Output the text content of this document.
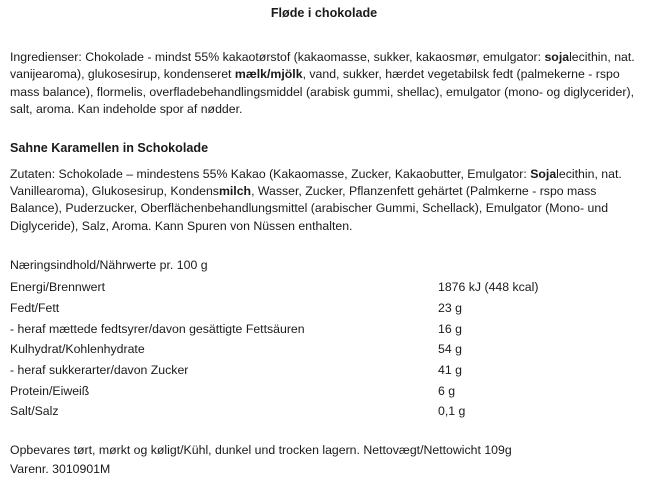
Fløde i chokolade
Ingredienser: Chokolade - mindst 55% kakaotørstof (kakaomasse, sukker, kakaosmør, emulgator: sojalecithin, nat. vanijearoma), glukosesirup, kondenseret mælk/mjölk, vand, sukker, hærdet vegetabilsk fedt (palmekerne - rspo mass balance), flormelis, overfladebehandlingsmiddel (arabisk gummi, shellac), emulgator (mono- og diglycerider), salt, aroma. Kan indeholde spor af nødder.
Sahne Karamellen in Schokolade
Zutaten: Schokolade – mindestens 55% Kakao (Kakaomasse, Zucker, Kakaobutter, Emulgator: Sojalecithin, nat. Vanillearoma), Glukosesirup, Kondensmilch, Wasser, Zucker, Pflanzenfett gehärtet (Palmkerne - rspo mass Balance), Puderzucker, Oberflächenbehandlungsmittel (arabischer Gummi, Schellack), Emulgator (Mono- und Diglyceride), Salz, Aroma. Kann Spuren von Nüssen enthalten.
Næringsindhold/Nährwerte pr. 100 g
Energi/Brennwert	1876 kJ (448 kcal)
Fedt/Fett	23 g
- heraf mættede fedtsyrer/davon gesättigte Fettsäuren	16 g
Kulhydrat/Kohlenhydrate	54 g
- heraf sukkerarter/davon Zucker	41 g
Protein/Eiweiß	6 g
Salt/Salz	0,1 g
Opbevares tørt, mørkt og køligt/Kühl, dunkel und trocken lagern. Nettovægt/Nettowicht 109g
Varenr. 3010901M
